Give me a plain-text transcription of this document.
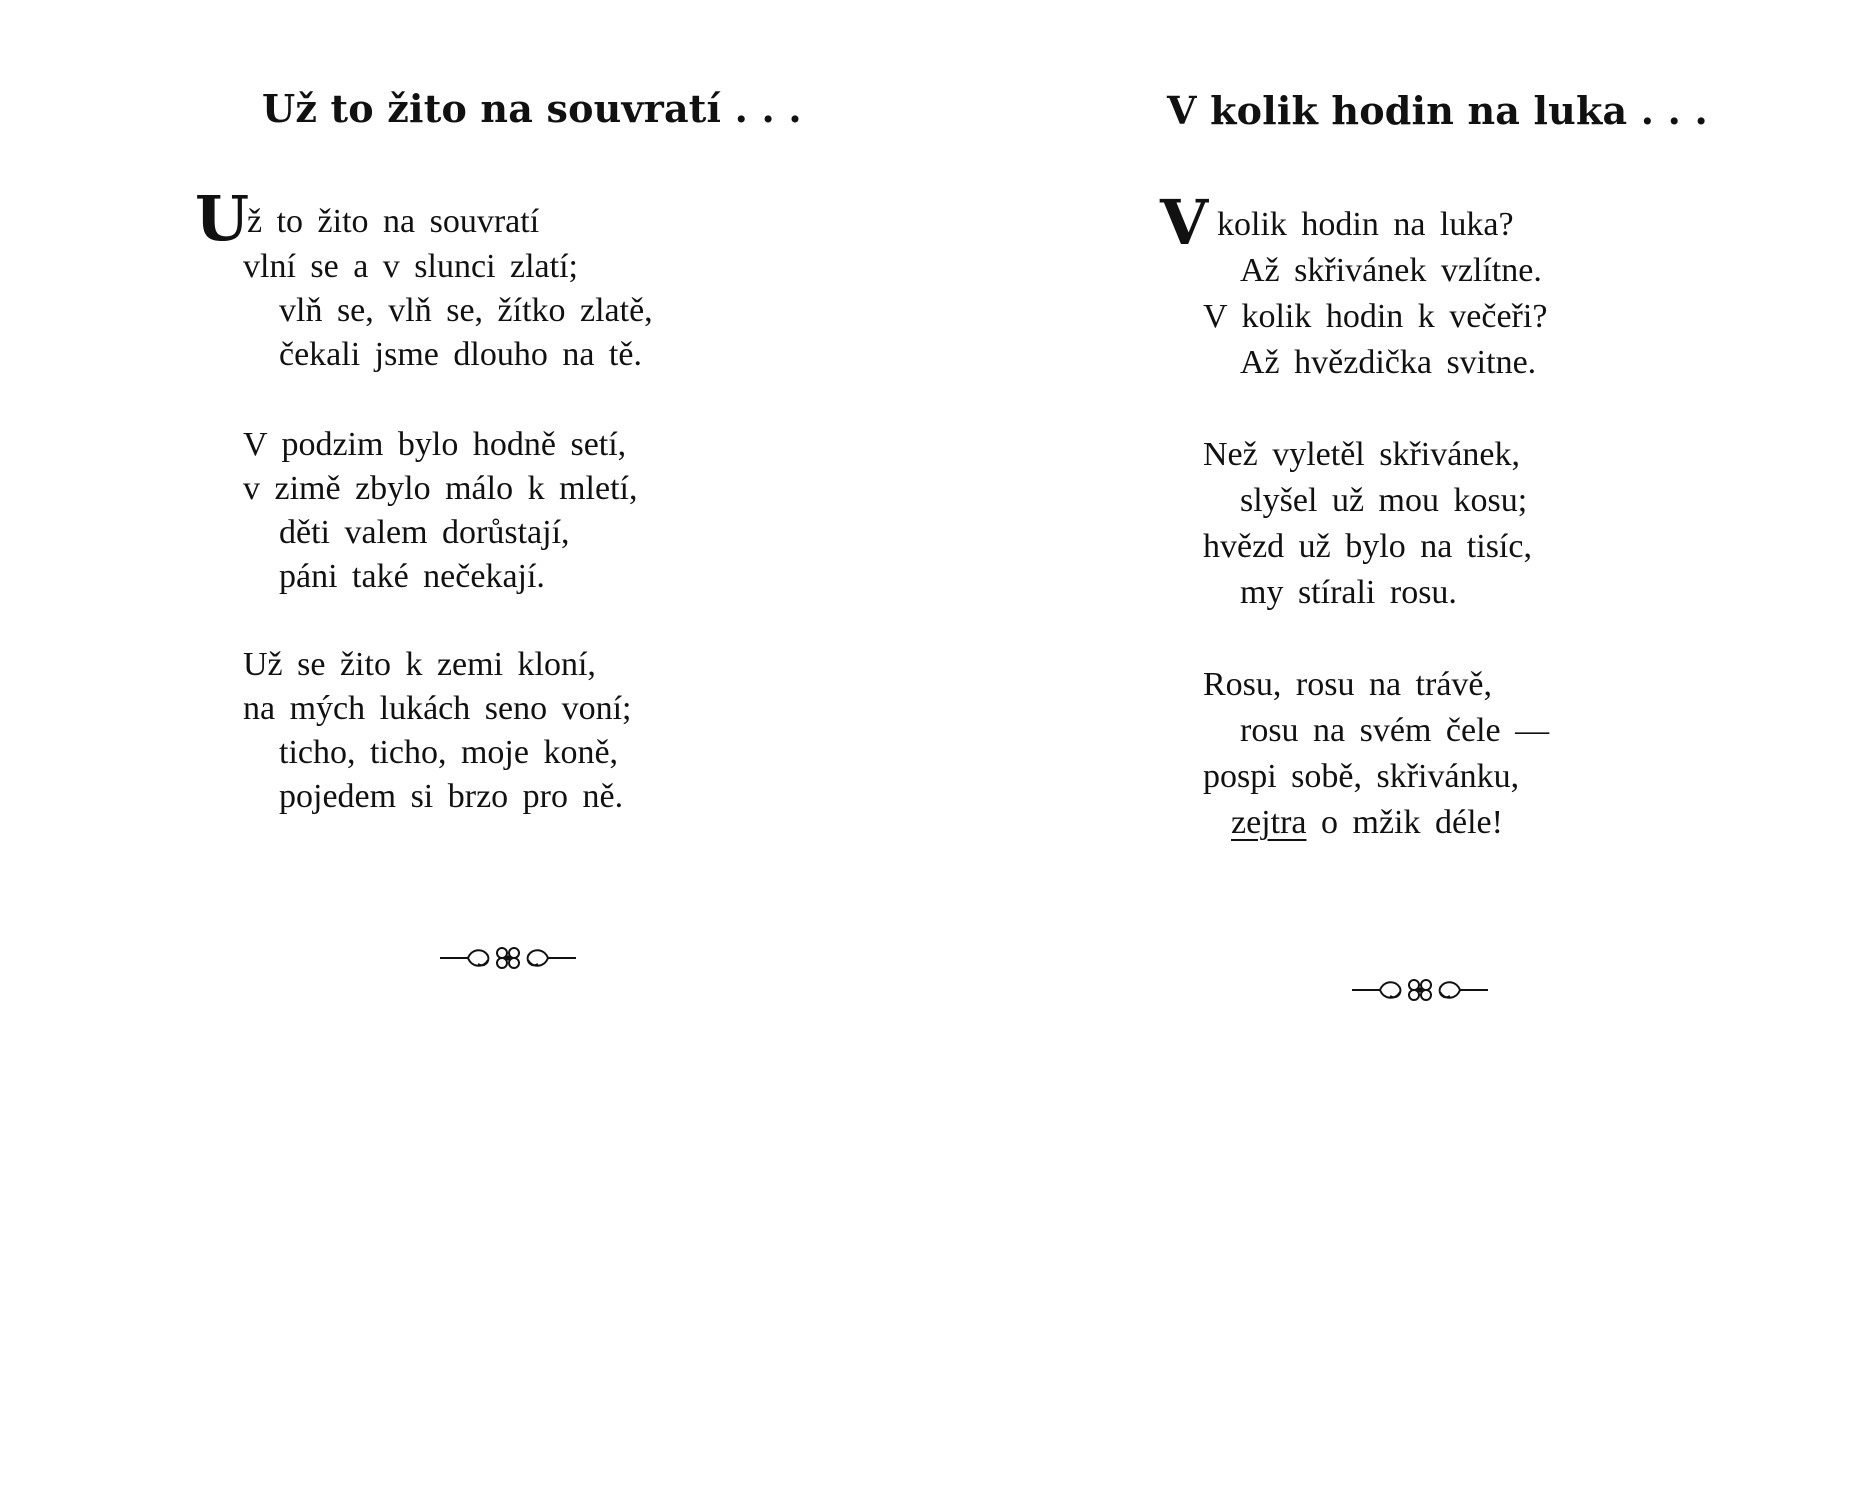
Už to žito na souvratí . . .
U
ž to žito na souvratí
vlní se a v slunci zlatí;
vlň se, vlň se, žítko zlatě,
čekali jsme dlouho na tě.
V podzim bylo hodně setí,
v zimě zbylo málo k mletí,
děti valem dorůstají,
páni také nečekají.
Už se žito k zemi kloní,
na mých lukách seno voní;
ticho, ticho, moje koně,
pojedem si brzo pro ně.
V kolik hodin na luka . . .
V kolik hodin na luka?
Až skřivánek vzlítne.
V kolik hodin k večeři?
Až hvězdička svitne.
Než vyletěl skřivánek,
slyšel už mou kosu;
hvězd už bylo na tisíc,
my stírali rosu.
Rosu, rosu na trávě,
rosu na svém čele —
pospi sobě, skřivánku,
zejtra o mžik déle!
